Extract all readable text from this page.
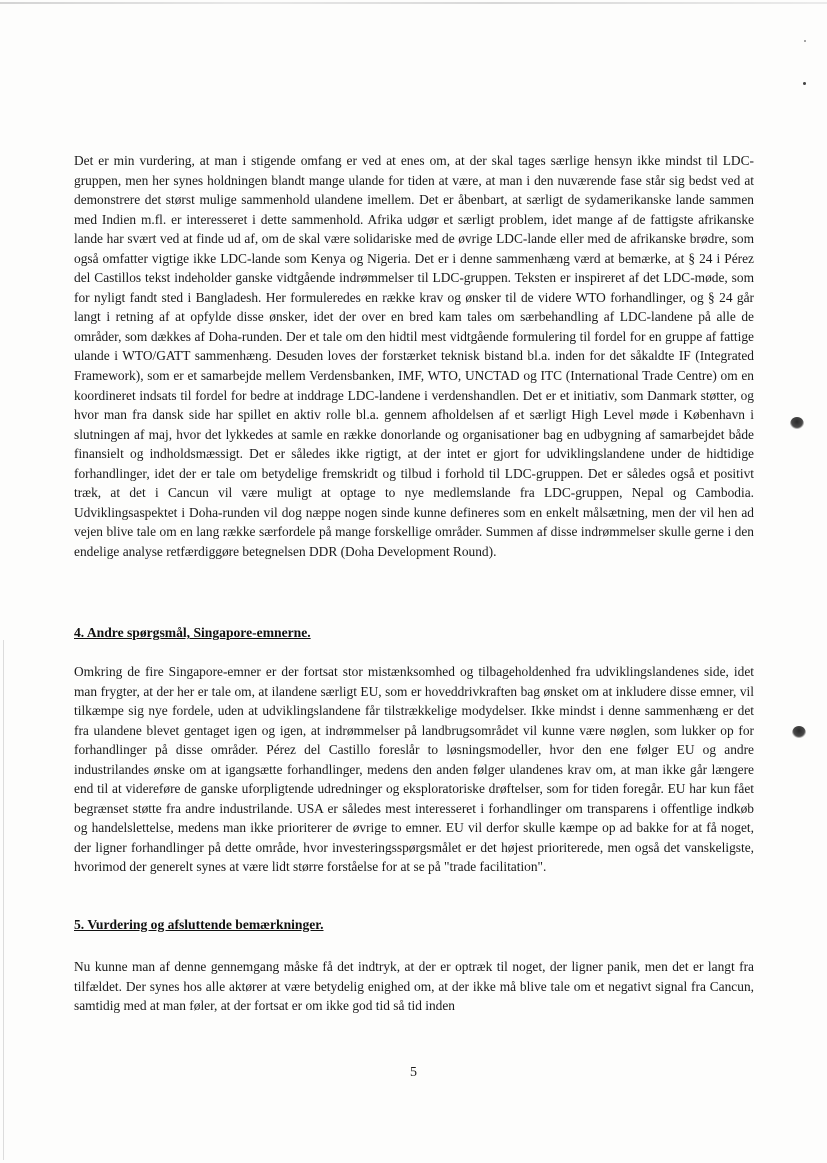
Det er min vurdering, at man i stigende omfang er ved at enes om, at der skal tages særlige hensyn ikke mindst til LDC-gruppen, men her synes holdningen blandt mange ulande for tiden at være, at man i den nuværende fase står sig bedst ved at demonstrere det størst mulige sammenhold ulandene imellem. Det er åbenbart, at særligt de sydamerikanske lande sammen med Indien m.fl. er interesseret i dette sammenhold. Afrika udgør et særligt problem, idet mange af de fattigste afrikanske lande har svært ved at finde ud af, om de skal være solidariske med de øvrige LDC-lande eller med de afrikanske brødre, som også omfatter vigtige ikke LDC-lande som Kenya og Nigeria. Det er i denne sammenhæng værd at bemærke, at § 24 i Pérez del Castillos tekst indeholder ganske vidtgående indrømmelser til LDC-gruppen. Teksten er inspireret af det LDC-møde, som for nyligt fandt sted i Bangladesh. Her formuleredes en række krav og ønsker til de videre WTO forhandlinger, og § 24 går langt i retning af at opfylde disse ønsker, idet der over en bred kam tales om særbehandling af LDC-landene på alle de områder, som dækkes af Doha-runden. Der et tale om den hidtil mest vidtgående formulering til fordel for en gruppe af fattige ulande i WTO/GATT sammenhæng. Desuden loves der forstærket teknisk bistand bl.a. inden for det såkaldte IF (Integrated Framework), som er et samarbejde mellem Verdensbanken, IMF, WTO, UNCTAD og ITC (International Trade Centre) om en koordineret indsats til fordel for bedre at inddrage LDC-landene i verdenshandlen. Det er et initiativ, som Danmark støtter, og hvor man fra dansk side har spillet en aktiv rolle bl.a. gennem afholdelsen af et særligt High Level møde i København i slutningen af maj, hvor det lykkedes at samle en række donorlande og organisationer bag en udbygning af samarbejdet både finansielt og indholdsmæssigt. Det er således ikke rigtigt, at der intet er gjort for udviklingslandene under de hidtidige forhandlinger, idet der er tale om betydelige fremskridt og tilbud i forhold til LDC-gruppen. Det er således også et positivt træk, at det i Cancun vil være muligt at optage to nye medlemslande fra LDC-gruppen, Nepal og Cambodia. Udviklingsaspektet i Doha-runden vil dog næppe nogen sinde kunne defineres som en enkelt målsætning, men der vil hen ad vejen blive tale om en lang række særfordele på mange forskellige områder. Summen af disse indrømmelser skulle gerne i den endelige analyse retfærdiggøre betegnelsen DDR (Doha Development Round).

4. Andre spørgsmål, Singapore-emnerne.

Omkring de fire Singapore-emner er der fortsat stor mistænksomhed og tilbageholdenhed fra udviklingslandenes side, idet man frygter, at der her er tale om, at ilandene særligt EU, som er hoveddrivkraften bag ønsket om at inkludere disse emner, vil tilkæmpe sig nye fordele, uden at udviklingslandene får tilstrækkelige modydelser. Ikke mindst i denne sammenhæng er det fra ulandene blevet gentaget igen og igen, at indrømmelser på landbrugsområdet vil kunne være nøglen, som lukker op for forhandlinger på disse områder. Pérez del Castillo foreslår to løsningsmodeller, hvor den ene følger EU og andre industrilandes ønske om at igangsætte forhandlinger, medens den anden følger ulandenes krav om, at man ikke går længere end til at videreføre de ganske uforpligtende udredninger og eksploratoriske drøftelser, som for tiden foregår. EU har kun fået begrænset støtte fra andre industrilande. USA er således mest interesseret i forhandlinger om transparens i offentlige indkøb og handelslettelse, medens man ikke prioriterer de øvrige to emner. EU vil derfor skulle kæmpe op ad bakke for at få noget, der ligner forhandlinger på dette område, hvor investeringsspørgsmålet er det højest prioriterede, men også det vanskeligste, hvorimod der generelt synes at være lidt større forståelse for at se på "trade facilitation".

5. Vurdering og afsluttende bemærkninger.

Nu kunne man af denne gennemgang måske få det indtryk, at der er optræk til noget, der ligner panik, men det er langt fra tilfældet. Der synes hos alle aktører at være betydelig enighed om, at der ikke må blive tale om et negativt signal fra Cancun, samtidig med at man føler, at der fortsat er om ikke god tid så tid inden

5
